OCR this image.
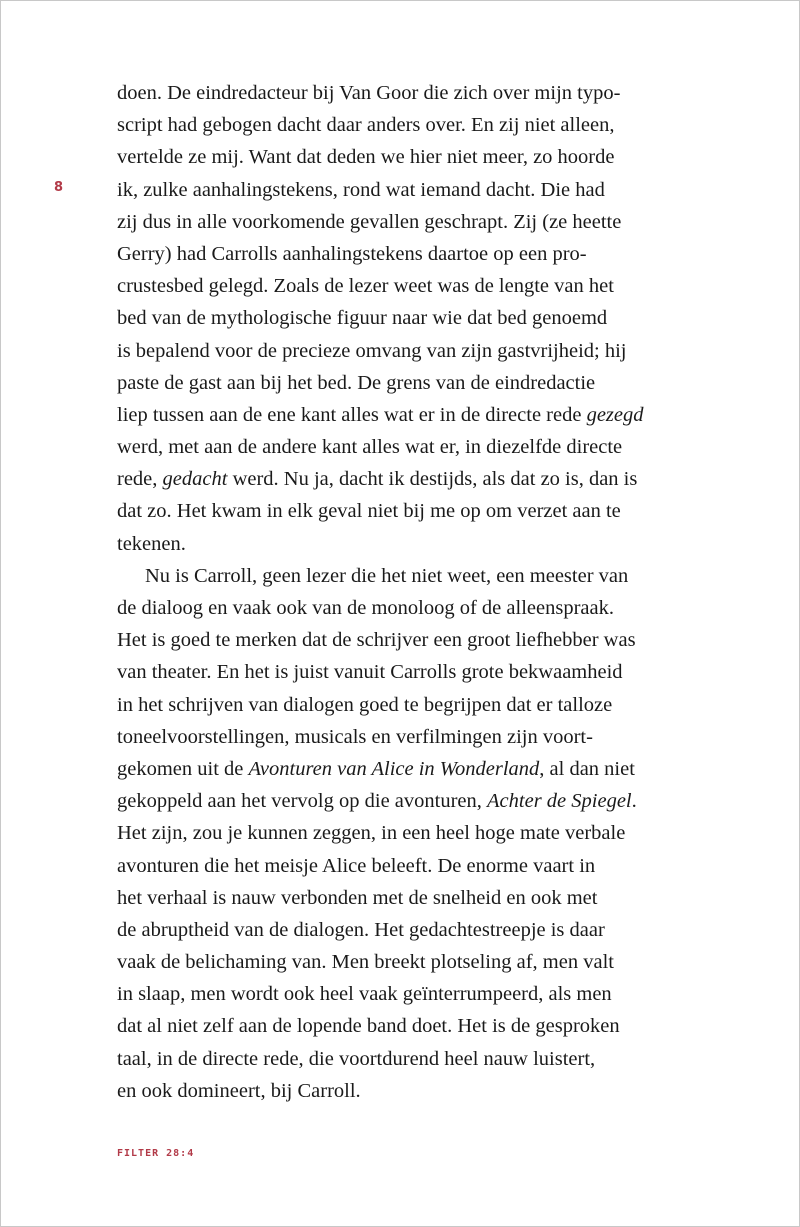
8
doen. De eindredacteur bij Van Goor die zich over mijn typo-
script had gebogen dacht daar anders over. En zij niet alleen,
vertelde ze mij. Want dat deden we hier niet meer, zo hoorde
ik, zulke aanhalingstekens, rond wat iemand dacht. Die had
zij dus in alle voorkomende gevallen geschrapt. Zij (ze heette
Gerry) had Carrolls aanhalingstekens daartoe op een pro-
crustesbed gelegd. Zoals de lezer weet was de lengte van het
bed van de mythologische figuur naar wie dat bed genoemd
is bepalend voor de precieze omvang van zijn gastvrijheid; hij
paste de gast aan bij het bed. De grens van de eindredactie
liep tussen aan de ene kant alles wat er in de directe rede gezegd
werd, met aan de andere kant alles wat er, in diezelfde directe
rede, gedacht werd. Nu ja, dacht ik destijds, als dat zo is, dan is
dat zo. Het kwam in elk geval niet bij me op om verzet aan te
tekenen.
Nu is Carroll, geen lezer die het niet weet, een meester van
de dialoog en vaak ook van de monoloog of de alleenspraak.
Het is goed te merken dat de schrijver een groot liefhebber was
van theater. En het is juist vanuit Carrolls grote bekwaamheid
in het schrijven van dialogen goed te begrijpen dat er talloze
toneelvoorstellingen, musicals en verfilmingen zijn voort-
gekomen uit de Avonturen van Alice in Wonderland, al dan niet
gekoppeld aan het vervolg op die avonturen, Achter de Spiegel.
Het zijn, zou je kunnen zeggen, in een heel hoge mate verbale
avonturen die het meisje Alice beleeft. De enorme vaart in
het verhaal is nauw verbonden met de snelheid en ook met
de abruptheid van de dialogen. Het gedachtestreepje is daar
vaak de belichaming van. Men breekt plotseling af, men valt
in slaap, men wordt ook heel vaak geïnterrumpeerd, als men
dat al niet zelf aan de lopende band doet. Het is de gesproken
taal, in de directe rede, die voortdurend heel nauw luistert,
en ook domineert, bij Carroll.
FILTER 28:4
